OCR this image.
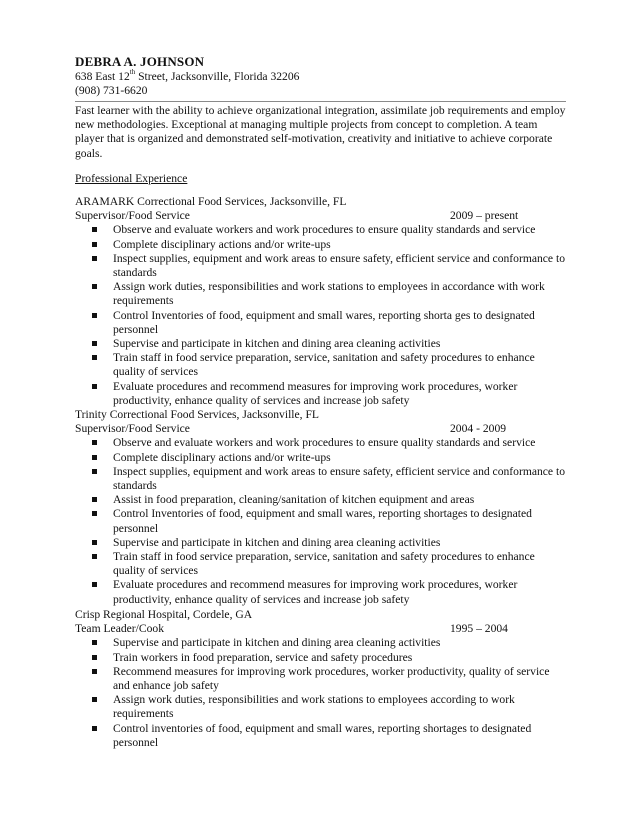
DEBRA A. JOHNSON
638 East 12th Street, Jacksonville, Florida 32206
(908) 731-6620
Fast learner with the ability to achieve organizational integration, assimilate job requirements and employ new methodologies. Exceptional at managing multiple projects from concept to completion. A team player that is organized and demonstrated self-motivation, creativity and initiative to achieve corporate goals.
Professional Experience
ARAMARK Correctional Food Services, Jacksonville, FL
Supervisor/Food Service	2009 – present
Observe and evaluate workers and work procedures to ensure quality standards and service
Complete disciplinary actions and/or write-ups
Inspect supplies, equipment and work areas to ensure safety, efficient service and conformance to standards
Assign work duties, responsibilities and work stations to employees in accordance with work requirements
Control Inventories of food, equipment and small wares, reporting shorta ges to designated personnel
Supervise and participate in kitchen and dining area cleaning activities
Train staff in food service preparation, service, sanitation and safety procedures to enhance quality of services
Evaluate procedures and recommend measures for improving work procedures, worker productivity, enhance quality of services and increase job safety
Trinity Correctional Food Services, Jacksonville, FL
Supervisor/Food Service	2004 - 2009
Observe and evaluate workers and work procedures to ensure quality standards and service
Complete disciplinary actions and/or write-ups
Inspect supplies, equipment and work areas to ensure safety, efficient service and conformance to standards
Assist in food preparation, cleaning/sanitation of kitchen equipment and areas
Control Inventories of food, equipment and small wares, reporting shortages to designated personnel
Supervise and participate in kitchen and dining area cleaning activities
Train staff in food service preparation, service, sanitation and safety procedures to enhance quality of services
Evaluate procedures and recommend measures for improving work procedures, worker productivity, enhance quality of services and increase job safety
Crisp Regional Hospital, Cordele, GA
Team Leader/Cook	1995 – 2004
Supervise and participate in kitchen and dining area cleaning activities
Train workers in food preparation, service and safety procedures
Recommend measures for improving work procedures, worker productivity, quality of service and enhance job safety
Assign work duties, responsibilities and work stations to employees according to work requirements
Control inventories of food, equipment and small wares, reporting shortages to designated personnel
